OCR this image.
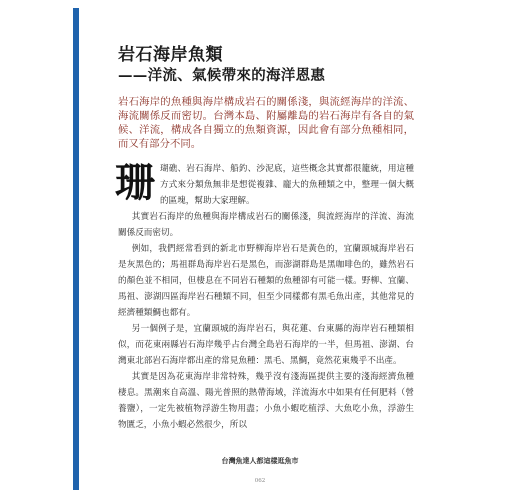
岩石海岸魚類
——洋流、氣候帶來的海洋恩惠

岩石海岸的魚種與海岸構成岩石的關係淺，與流經海岸的洋流、海流關係反而密切。台灣本島、附屬離島的岩石海岸有各自的氣候、洋流，構成各自獨立的魚類資源，因此會有部分魚種相同，而又有部分不同。

珊 瑚礁、岩石海岸、船釣、沙泥底，這些概念其實都很籠統，用這種方式來分類魚無非是想從複雜、龐大的魚種類之中，整理一個大概的區塊，幫助大家理解。

其實岩石海岸的魚種與海岸構成岩石的關係淺，與流經海岸的洋流、海流關係反而密切。

例如，我們經常看到的新北市野柳海岸岩石是黃色的，宜蘭頭城海岸岩石是灰黑色的；馬祖群島海岸岩石是黑色，而澎湖群島是黑咖啡色的，雖然岩石的顏色並不相同，但棲息在不同岩石種類的魚種卻有可能一樣。野柳、宜蘭、馬祖、澎湖四區海岸岩石種類不同，但至少同樣都有黑毛魚出產，其他常見的經濟種類鯛也都有。

另一個例子是，宜蘭頭城的海岸岩石，與花蓮、台東縣的海岸岩石種類相似，而花東兩縣岩石海岸幾乎占台灣全島岩石海岸的一半，但馬祖、澎湖、台灣東北部岩石海岸都出產的常見魚種：黑毛、黑鯛，竟然花東幾乎不出產。

其實是因為花東海岸非常特殊，幾乎沒有淺海區提供主要的淺海經濟魚種棲息。黑潮來自高溫、陽光普照的熱帶海域，洋流海水中如果有任何肥料（營養鹽），一定先被植物浮游生物用盡；小魚小蝦吃植浮、大魚吃小魚，浮游生物匱乏，小魚小蝦必然很少，所以

台灣魚達人都這樣逛魚市
062
